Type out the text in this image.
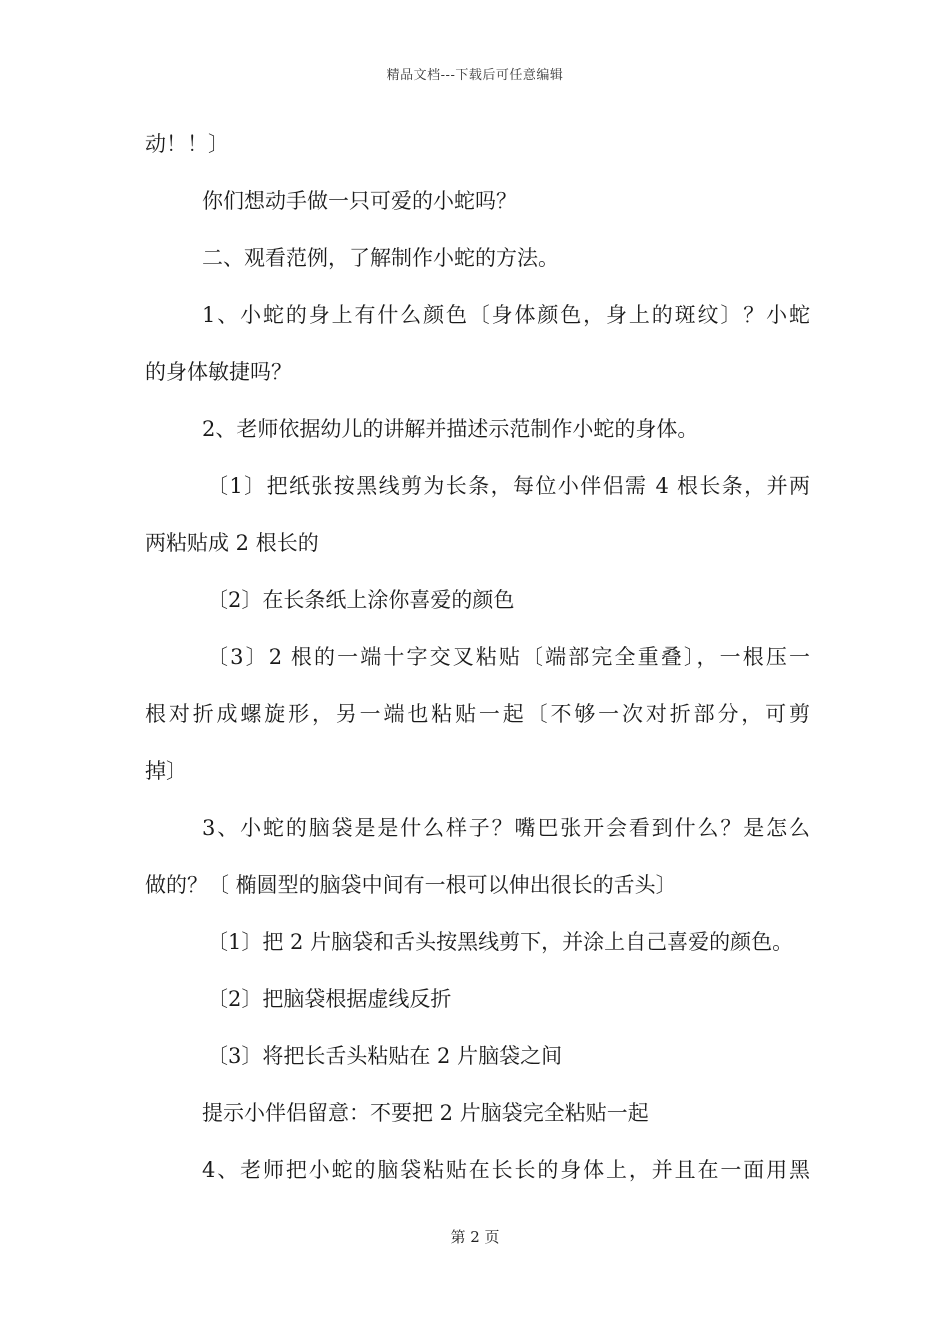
精品文档---下载后可任意编辑
动！！〕
你们想动手做一只可爱的小蛇吗？
二、观看范例，了解制作小蛇的方法。
1、小蛇的身上有什么颜色〔身体颜色，身上的斑纹〕？小蛇
的身体敏捷吗？
2、老师依据幼儿的讲解并描述示范制作小蛇的身体。
〔1〕把纸张按黑线剪为长条，每位小伴侣需 4 根长条，并两
两粘贴成 2 根长的
〔2〕在长条纸上涂你喜爱的颜色
〔3〕2 根的一端十字交叉粘贴〔端部完全重叠〕，一根压一
根对折成螺旋形，另一端也粘贴一起〔不够一次对折部分，可剪
掉〕
3、小蛇的脑袋是是什么样子？嘴巴张开会看到什么？是怎么
做的？〔 椭圆型的脑袋中间有一根可以伸出很长的舌头〕
〔1〕把 2 片脑袋和舌头按黑线剪下，并涂上自己喜爱的颜色。
〔2〕把脑袋根据虚线反折
〔3〕将把长舌头粘贴在 2 片脑袋之间
提示小伴侣留意：不要把 2 片脑袋完全粘贴一起
4、老师把小蛇的脑袋粘贴在长长的身体上，并且在一面用黑
第 2 页
